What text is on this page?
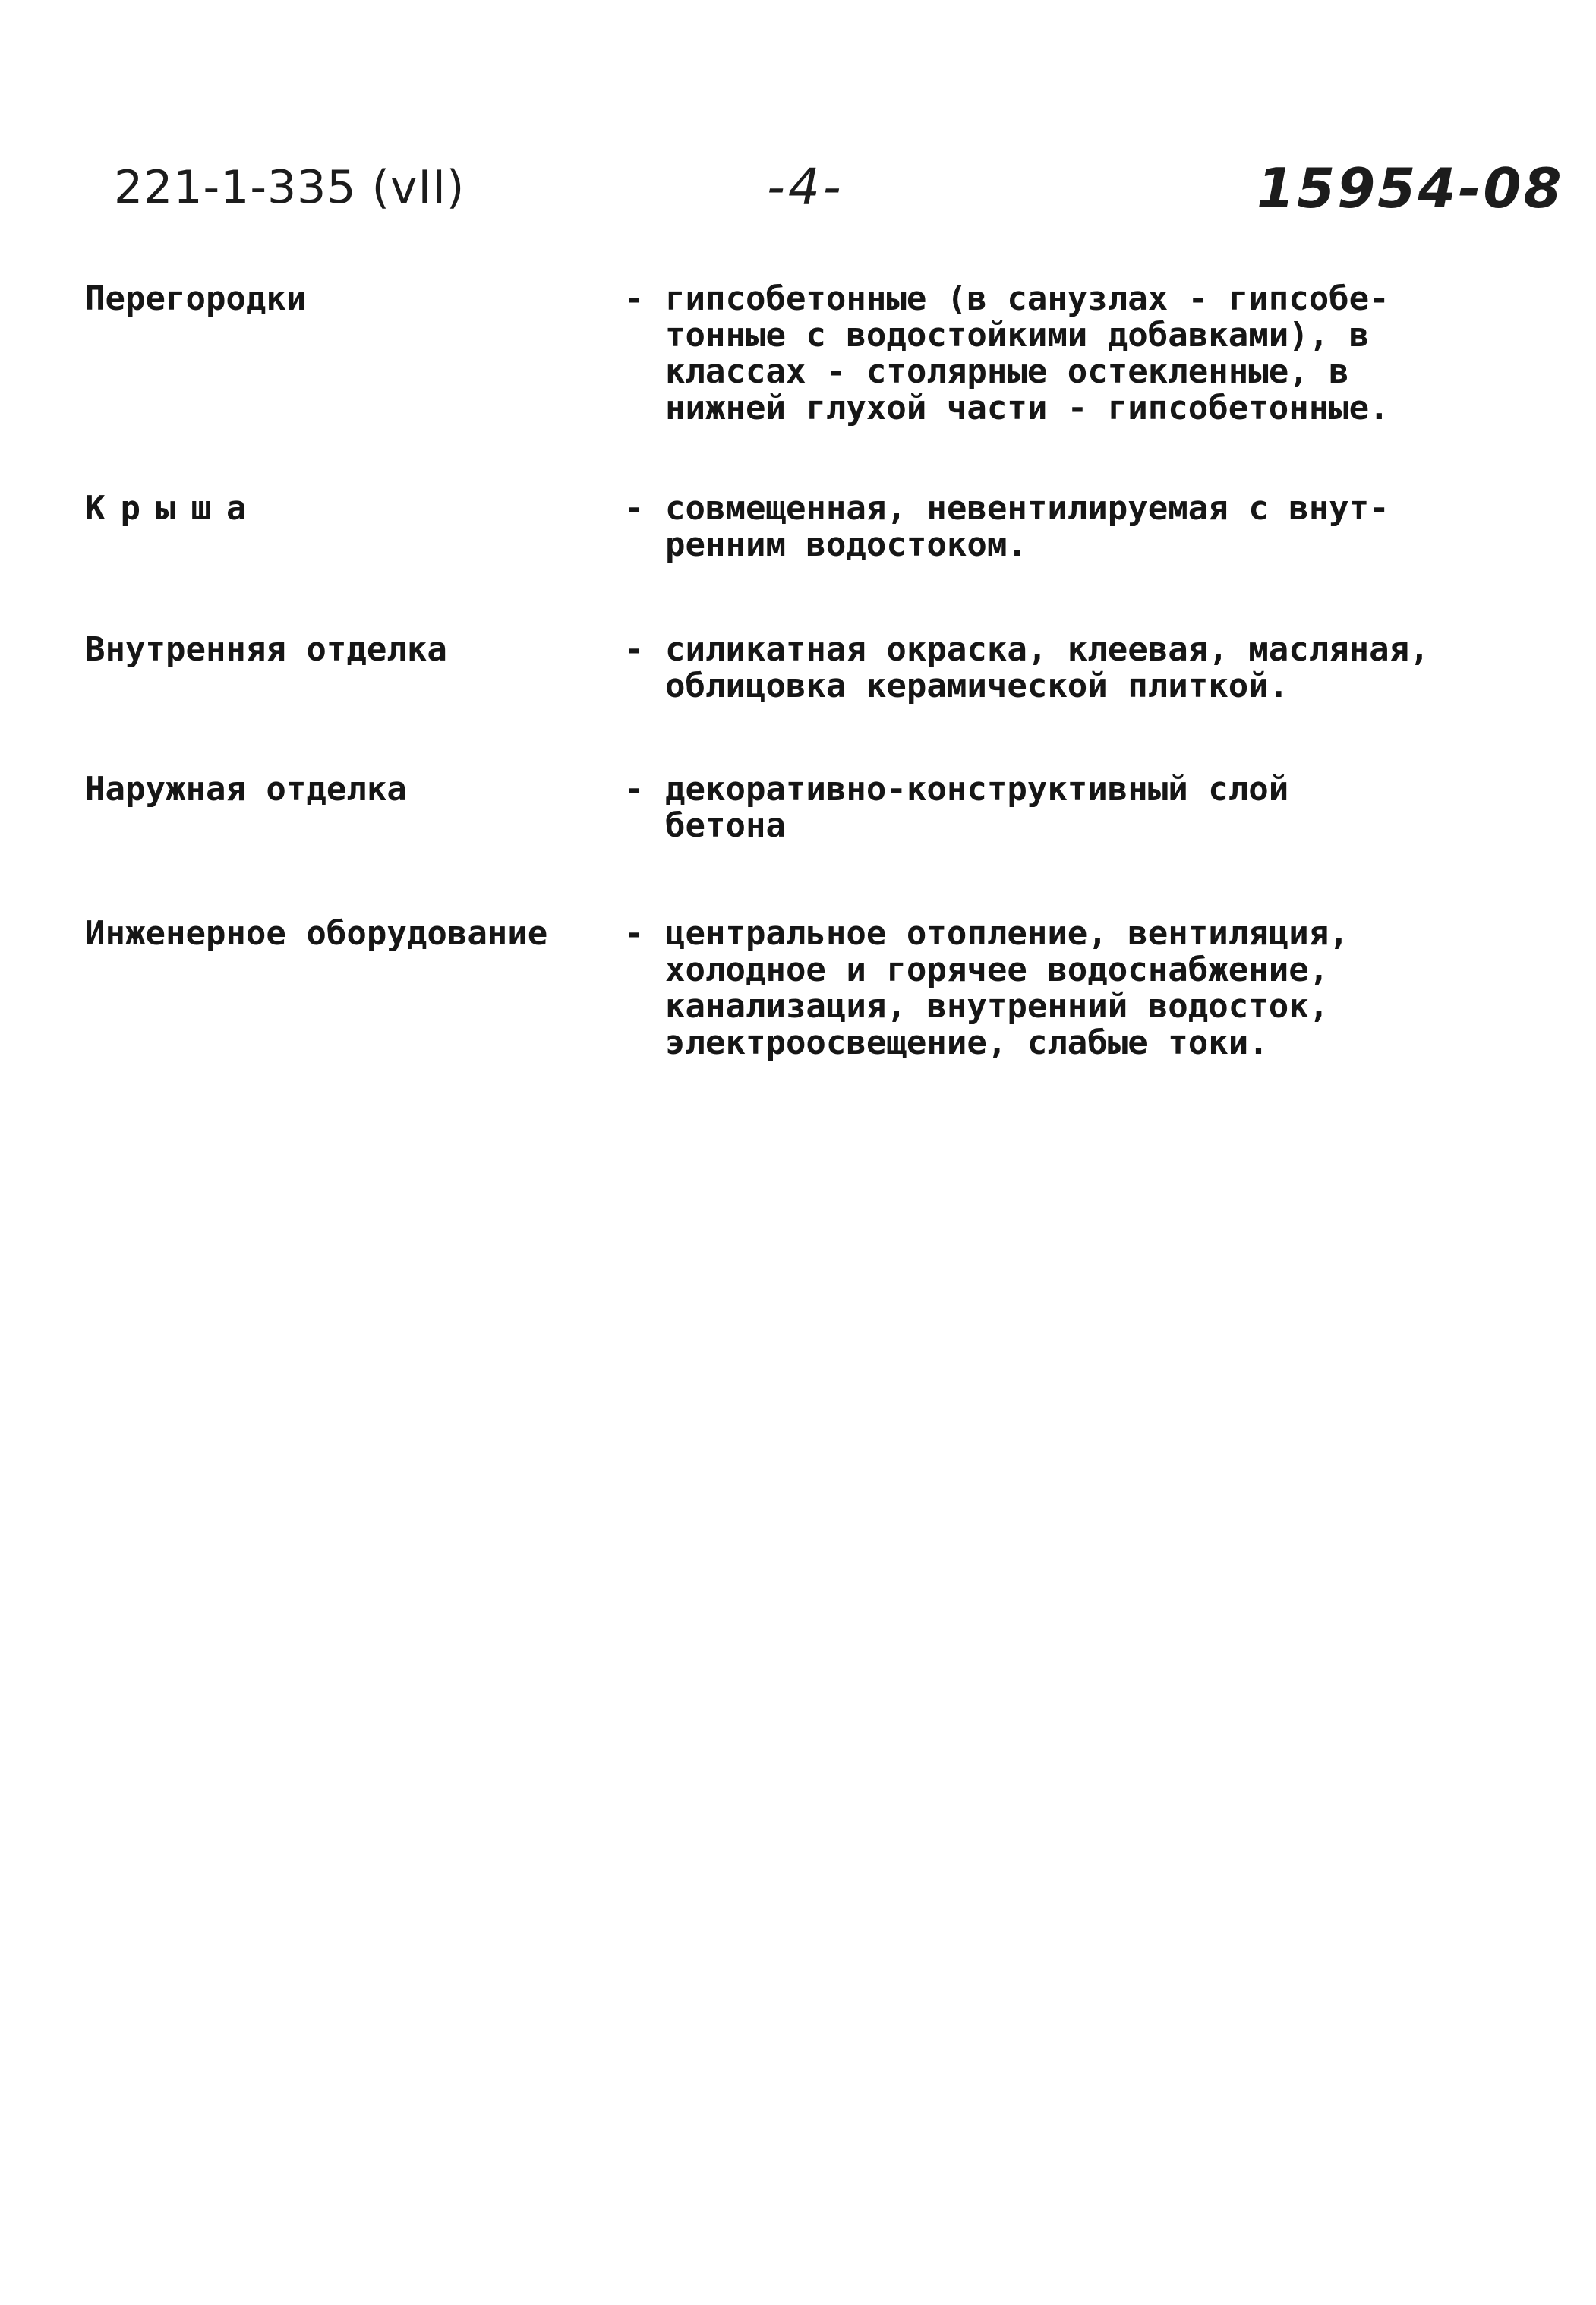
221-1-335 (vII)	-4-	15954-08
Перегородки	- гипсобетонные (в санузлах - гипсобе-
тонные с водостойкими добавками), в
классах - столярные остекленные, в
нижней глухой части - гипсобетонные.
Крыша	- совмещенная, невентилируемая с внут-
ренним водостоком.
Внутренняя отделка	- силикатная окраска, клеевая, масляная,
облицовка керамической плиткой.
Наружная отделка	- декоративно-конструктивный слой
бетона
Инженерное оборудование - центральное отопление, вентиляция,
холодное и горячее водоснабжение,
канализация, внутренний водосток,
электроосвещение, слабые токи.
